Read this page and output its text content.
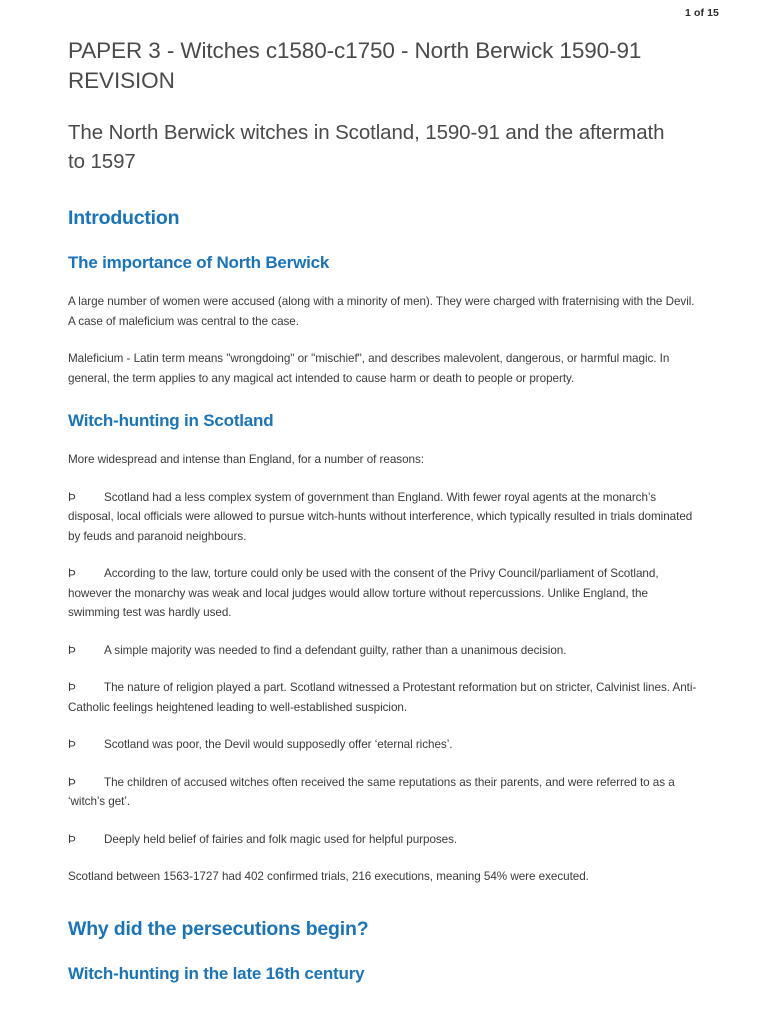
1 of 15
PAPER 3 - Witches c1580-c1750 - North Berwick 1590-91 REVISION
The North Berwick witches in Scotland, 1590-91 and the aftermath to 1597
Introduction
The importance of North Berwick

A large number of women were accused (along with a minority of men). They were charged with fraternising with the Devil. A case of maleficium was central to the case.

Maleficium - Latin term means "wrongdoing" or "mischief", and describes malevolent, dangerous, or harmful magic. In general, the term applies to any magical act intended to cause harm or death to people or property.

Witch-hunting in Scotland

More widespread and intense than England, for a number of reasons:

Þ Scotland had a less complex system of government than England. With fewer royal agents at the monarch’s disposal, local officials were allowed to pursue witch-hunts without interference, which typically resulted in trials dominated by feuds and paranoid neighbours.
Þ According to the law, torture could only be used with the consent of the Privy Council/parliament of Scotland, however the monarchy was weak and local judges would allow torture without repercussions. Unlike England, the swimming test was hardly used.
Þ A simple majority was needed to find a defendant guilty, rather than a unanimous decision.
Þ The nature of religion played a part. Scotland witnessed a Protestant reformation but on stricter, Calvinist lines. Anti-Catholic feelings heightened leading to well-established suspicion.
Þ Scotland was poor, the Devil would supposedly offer ‘eternal riches’.
Þ The children of accused witches often received the same reputations as their parents, and were referred to as a ‘witch’s get’.
Þ Deeply held belief of fairies and folk magic used for helpful purposes.

Scotland between 1563-1727 had 402 confirmed trials, 216 executions, meaning 54% were executed.

Why did the persecutions begin?
Witch-hunting in the late 16th century
